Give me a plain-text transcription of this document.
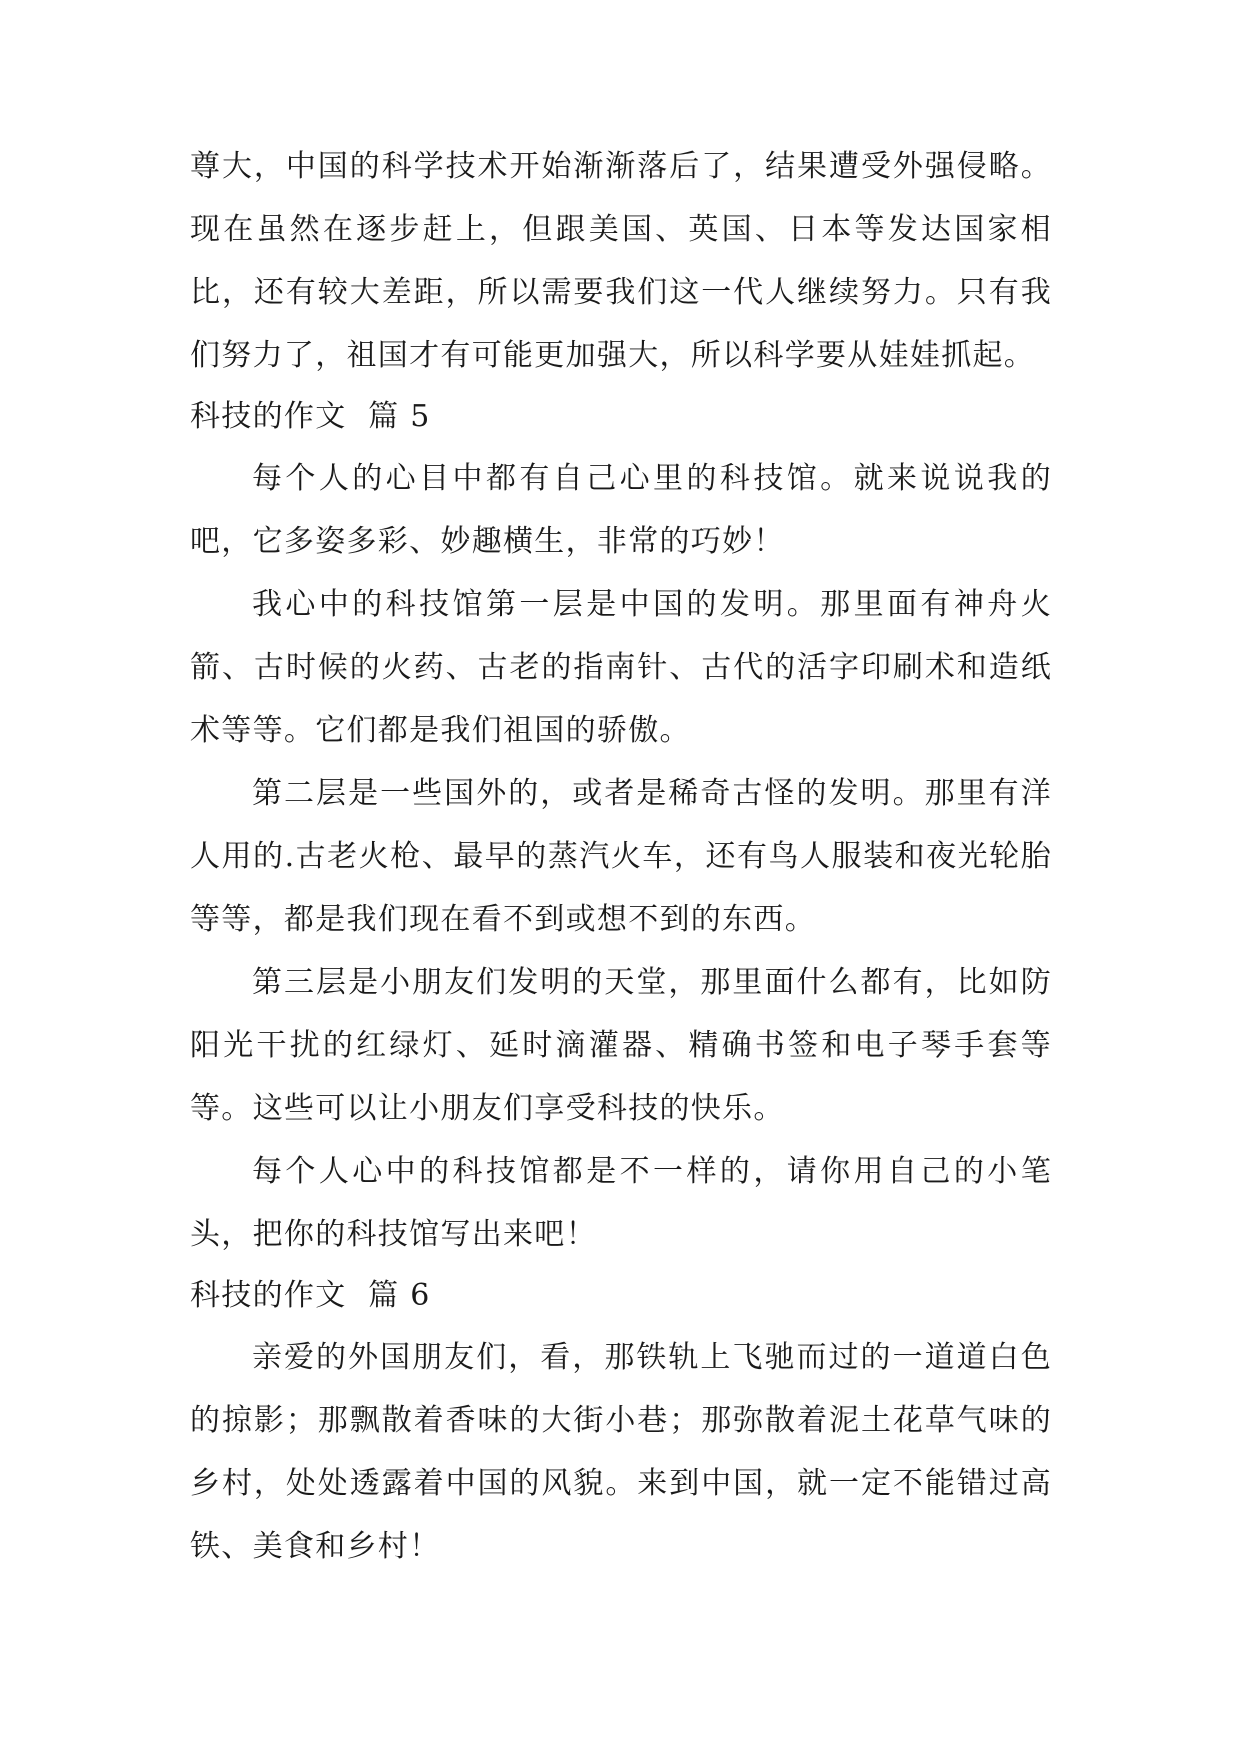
尊大，中国的科学技术开始渐渐落后了，结果遭受外强侵略。现在虽然在逐步赶上，但跟美国、英国、日本等发达国家相比，还有较大差距，所以需要我们这一代人继续努力。只有我们努力了，祖国才有可能更加强大，所以科学要从娃娃抓起。

科技的作文  篇 5

每个人的心目中都有自己心里的科技馆。就来说说我的吧，它多姿多彩、妙趣横生，非常的巧妙！

我心中的科技馆第一层是中国的发明。那里面有神舟火箭、古时候的火药、古老的指南针、古代的活字印刷术和造纸术等等。它们都是我们祖国的骄傲。

第二层是一些国外的，或者是稀奇古怪的发明。那里有洋人用的.古老火枪、最早的蒸汽火车，还有鸟人服装和夜光轮胎等等，都是我们现在看不到或想不到的东西。

第三层是小朋友们发明的天堂，那里面什么都有，比如防阳光干扰的红绿灯、延时滴灌器、精确书签和电子琴手套等等。这些可以让小朋友们享受科技的快乐。

每个人心中的科技馆都是不一样的，请你用自己的小笔头，把你的科技馆写出来吧！

科技的作文  篇 6

亲爱的外国朋友们，看，那铁轨上飞驰而过的一道道白色的掠影；那飘散着香味的大街小巷；那弥散着泥土花草气味的乡村，处处透露着中国的风貌。来到中国，就一定不能错过高铁、美食和乡村！
